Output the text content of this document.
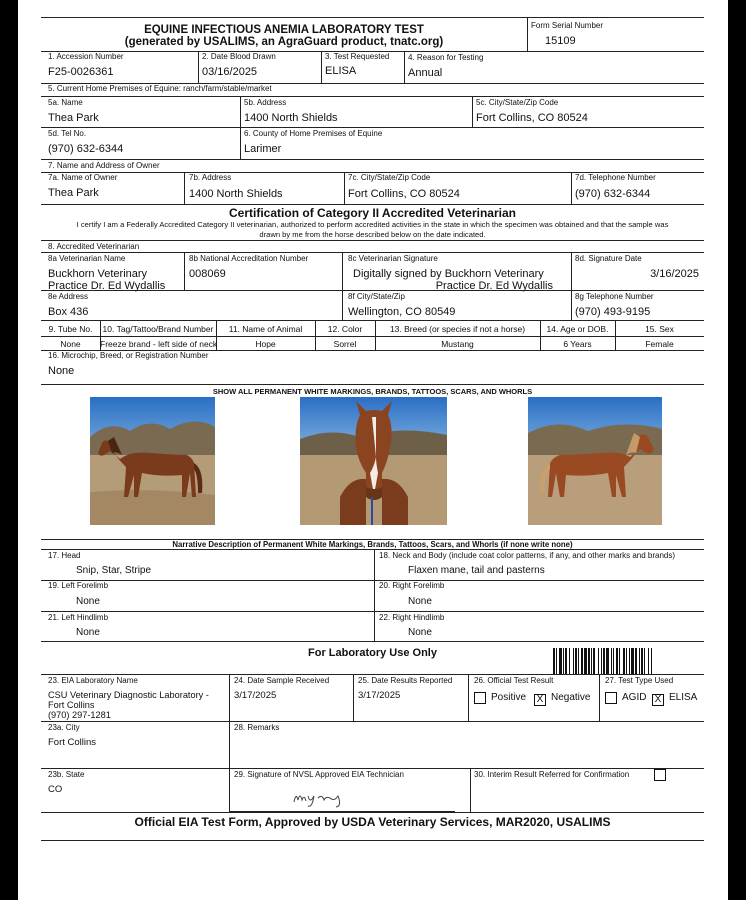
EQUINE INFECTIOUS ANEMIA LABORATORY TEST
(generated by USALIMS, an AgraGuard product, tnatc.org)
Form Serial Number
15109
1. Accession Number
F25-0026361
2. Date Blood Drawn
03/16/2025
3. Test Requested
ELISA
4. Reason for Testing
Annual
5. Current Home Premises of Equine: ranch/farm/stable/market
5a. Name
Thea Park
5b. Address
1400 North Shields
5c. City/State/Zip Code
Fort Collins, CO 80524
5d. Tel No.
(970) 632-6344
6. County of Home Premises of Equine
Larimer
7. Name and Address of Owner
7a. Name of Owner
Thea Park
7b. Address
1400 North Shields
7c. City/State/Zip Code
Fort Collins, CO 80524
7d. Telephone Number
(970) 632-6344
Certification of Category II Accredited Veterinarian
I certify I am a Federally Accredited Category II veterinarian, authorized to perform accredited activities in the state in which the specimen was obtained and that the sample was
drawn by me from the horse described below on the date indicated.
8. Accredited Veterinarian
8a Veterinarian Name
Buckhorn Veterinary
Practice Dr. Ed Wydallis
8b National Accreditation Number
008069
8c Veterinarian Signature
Digitally signed by Buckhorn Veterinary
Practice Dr. Ed Wydallis
8d. Signature Date
3/16/2025
8e Address
Box 436
8f City/State/Zip
Wellington, CO 80549
8g Telephone Number
(970) 493-9195
9. Tube No.	10. Tag/Tattoo/Brand Number	11. Name of Animal	12. Color	13. Breed (or species if not a horse)	14. Age or DOB.	15. Sex
None	Freeze brand - left side of neck	Hope	Sorrel	Mustang	6 Years	Female
16. Microchip, Breed, or Registration Number
None
SHOW ALL PERMANENT WHITE MARKINGS, BRANDS, TATTOOS, SCARS, AND WHORLS
Narrative Description of Permanent White Markings, Brands, Tattoos, Scars, and Whorls (if none write none)
17. Head
Snip, Star, Stripe
18. Neck and Body (include coat color patterns, if any, and other marks and brands)
Flaxen mane, tail and pasterns
19. Left Forelimb
None
20. Right Forelimb
None
21. Left Hindlimb
None
22. Right Hindlimb
None
For Laboratory Use Only
23. EIA Laboratory Name
CSU Veterinary Diagnostic Laboratory -
Fort Collins
(970) 297-1281
24. Date Sample Received
3/17/2025
25. Date Results Reported
3/17/2025
26. Official Test Result
Positive X Negative
27. Test Type Used
AGID X ELISA
23a. City
Fort Collins
28. Remarks
23b. State
CO
29. Signature of NVSL Approved EIA Technician	30. Interim Result Referred for Confirmation
Official EIA Test Form, Approved by USDA Veterinary Services, MAR2020, USALIMS
